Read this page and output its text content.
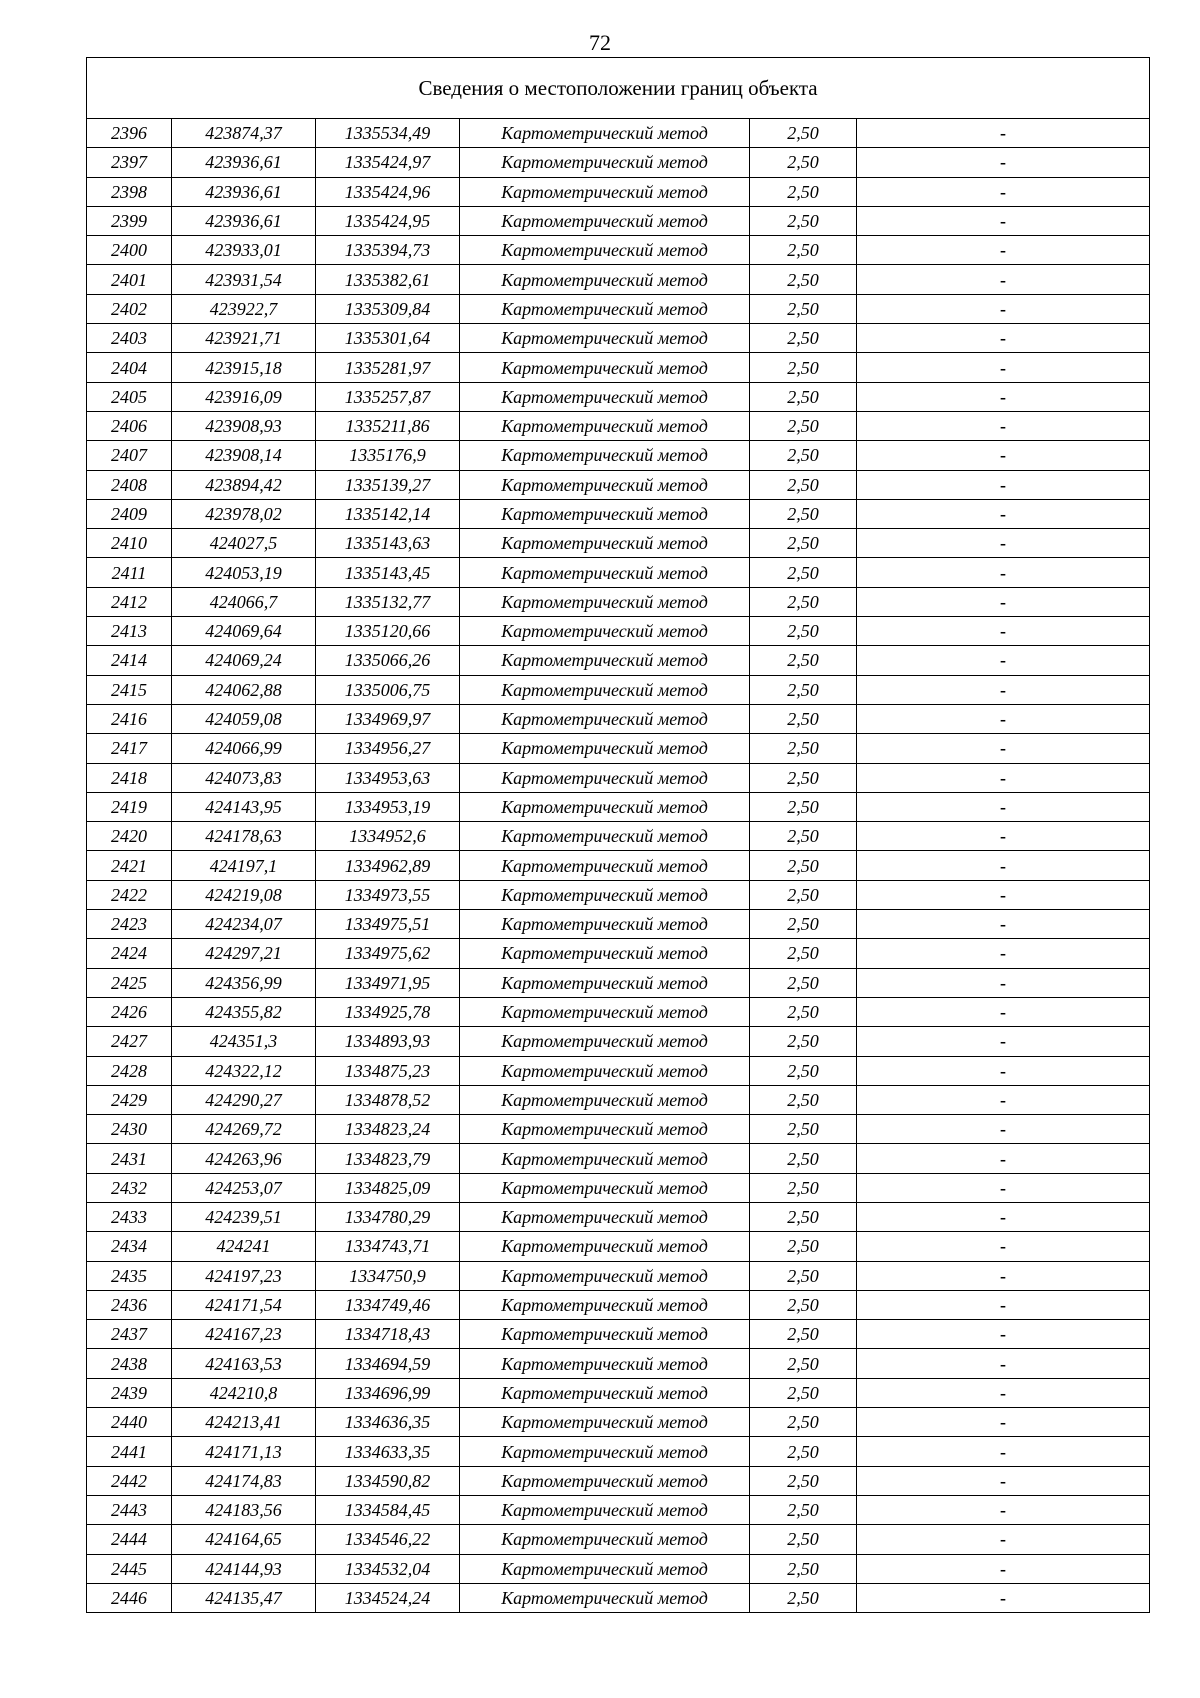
72
Сведения о местоположении границ объекта					
2396	423874,37	1335534,49	Картометрический метод	2,50	-
2397	423936,61	1335424,97	Картометрический метод	2,50	-
2398	423936,61	1335424,96	Картометрический метод	2,50	-
2399	423936,61	1335424,95	Картометрический метод	2,50	-
2400	423933,01	1335394,73	Картометрический метод	2,50	-
2401	423931,54	1335382,61	Картометрический метод	2,50	-
2402	423922,7	1335309,84	Картометрический метод	2,50	-
2403	423921,71	1335301,64	Картометрический метод	2,50	-
2404	423915,18	1335281,97	Картометрический метод	2,50	-
2405	423916,09	1335257,87	Картометрический метод	2,50	-
2406	423908,93	1335211,86	Картометрический метод	2,50	-
2407	423908,14	1335176,9	Картометрический метод	2,50	-
2408	423894,42	1335139,27	Картометрический метод	2,50	-
2409	423978,02	1335142,14	Картометрический метод	2,50	-
2410	424027,5	1335143,63	Картометрический метод	2,50	-
2411	424053,19	1335143,45	Картометрический метод	2,50	-
2412	424066,7	1335132,77	Картометрический метод	2,50	-
2413	424069,64	1335120,66	Картометрический метод	2,50	-
2414	424069,24	1335066,26	Картометрический метод	2,50	-
2415	424062,88	1335006,75	Картометрический метод	2,50	-
2416	424059,08	1334969,97	Картометрический метод	2,50	-
2417	424066,99	1334956,27	Картометрический метод	2,50	-
2418	424073,83	1334953,63	Картометрический метод	2,50	-
2419	424143,95	1334953,19	Картометрический метод	2,50	-
2420	424178,63	1334952,6	Картометрический метод	2,50	-
2421	424197,1	1334962,89	Картометрический метод	2,50	-
2422	424219,08	1334973,55	Картометрический метод	2,50	-
2423	424234,07	1334975,51	Картометрический метод	2,50	-
2424	424297,21	1334975,62	Картометрический метод	2,50	-
2425	424356,99	1334971,95	Картометрический метод	2,50	-
2426	424355,82	1334925,78	Картометрический метод	2,50	-
2427	424351,3	1334893,93	Картометрический метод	2,50	-
2428	424322,12	1334875,23	Картометрический метод	2,50	-
2429	424290,27	1334878,52	Картометрический метод	2,50	-
2430	424269,72	1334823,24	Картометрический метод	2,50	-
2431	424263,96	1334823,79	Картометрический метод	2,50	-
2432	424253,07	1334825,09	Картометрический метод	2,50	-
2433	424239,51	1334780,29	Картометрический метод	2,50	-
2434	424241	1334743,71	Картометрический метод	2,50	-
2435	424197,23	1334750,9	Картометрический метод	2,50	-
2436	424171,54	1334749,46	Картометрический метод	2,50	-
2437	424167,23	1334718,43	Картометрический метод	2,50	-
2438	424163,53	1334694,59	Картометрический метод	2,50	-
2439	424210,8	1334696,99	Картометрический метод	2,50	-
2440	424213,41	1334636,35	Картометрический метод	2,50	-
2441	424171,13	1334633,35	Картометрический метод	2,50	-
2442	424174,83	1334590,82	Картометрический метод	2,50	-
2443	424183,56	1334584,45	Картометрический метод	2,50	-
2444	424164,65	1334546,22	Картометрический метод	2,50	-
2445	424144,93	1334532,04	Картометрический метод	2,50	-
2446	424135,47	1334524,24	Картометрический метод	2,50	-
